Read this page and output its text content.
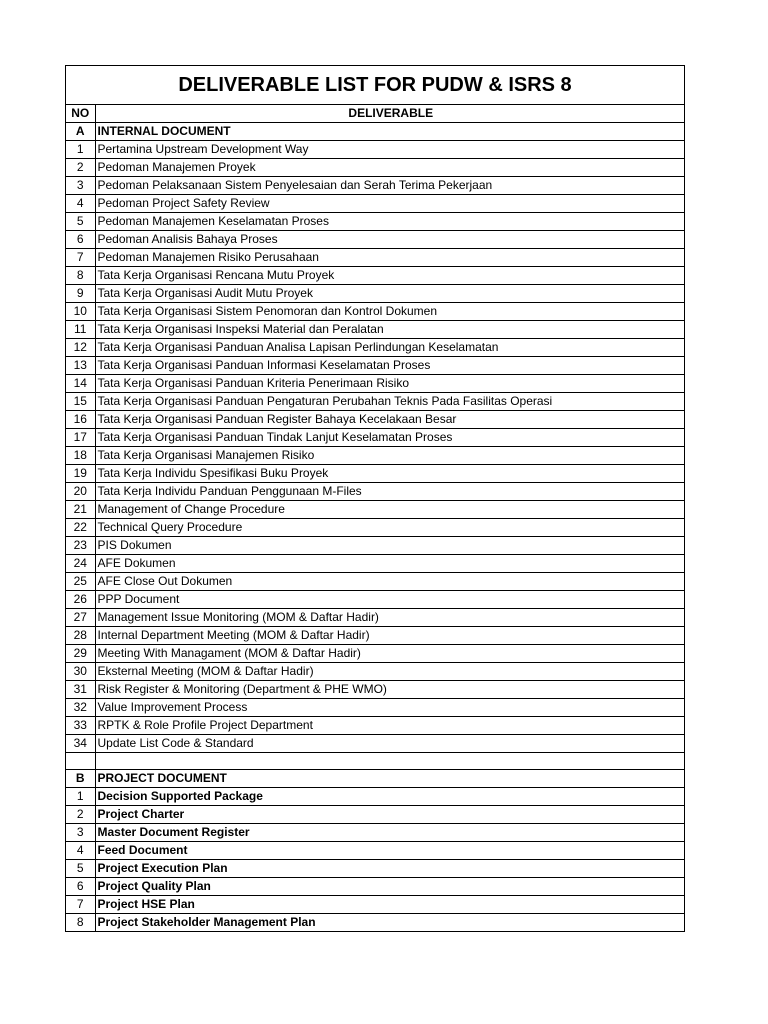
DELIVERABLE LIST FOR PUDW & ISRS 8
NO	DELIVERABLE
A	INTERNAL DOCUMENT
1	Pertamina Upstream Development Way
2	Pedoman Manajemen Proyek
3	Pedoman Pelaksanaan Sistem Penyelesaian dan Serah Terima Pekerjaan
4	Pedoman Project Safety Review
5	Pedoman Manajemen Keselamatan Proses
6	Pedoman Analisis Bahaya Proses
7	Pedoman Manajemen Risiko Perusahaan
8	Tata Kerja Organisasi Rencana Mutu Proyek
9	Tata Kerja Organisasi Audit Mutu Proyek
10	Tata Kerja Organisasi Sistem Penomoran dan Kontrol Dokumen
11	Tata Kerja Organisasi Inspeksi Material dan Peralatan
12	Tata Kerja Organisasi Panduan Analisa Lapisan Perlindungan Keselamatan
13	Tata Kerja Organisasi Panduan Informasi Keselamatan Proses
14	Tata Kerja Organisasi Panduan Kriteria Penerimaan Risiko
15	Tata Kerja Organisasi Panduan Pengaturan Perubahan Teknis Pada Fasilitas Operasi
16	Tata Kerja Organisasi Panduan Register Bahaya Kecelakaan Besar
17	Tata Kerja Organisasi Panduan Tindak Lanjut Keselamatan Proses
18	Tata Kerja Organisasi Manajemen Risiko
19	Tata Kerja Individu Spesifikasi Buku Proyek
20	Tata Kerja Individu Panduan Penggunaan M-Files
21	Management of Change Procedure
22	Technical Query Procedure
23	PIS Dokumen
24	AFE Dokumen
25	AFE Close Out Dokumen
26	PPP Document
27	Management Issue Monitoring (MOM & Daftar Hadir)
28	Internal Department Meeting (MOM & Daftar Hadir)
29	Meeting With Managament (MOM & Daftar Hadir)
30	Eksternal Meeting (MOM & Daftar Hadir)
31	Risk Register & Monitoring (Department & PHE WMO)
32	Value Improvement Process
33	RPTK & Role Profile Project Department
34	Update List Code & Standard

B	PROJECT DOCUMENT
1	Decision Supported Package
2	Project Charter
3	Master Document Register
4	Feed Document
5	Project Execution Plan
6	Project Quality Plan
7	Project HSE Plan
8	Project Stakeholder Management Plan
